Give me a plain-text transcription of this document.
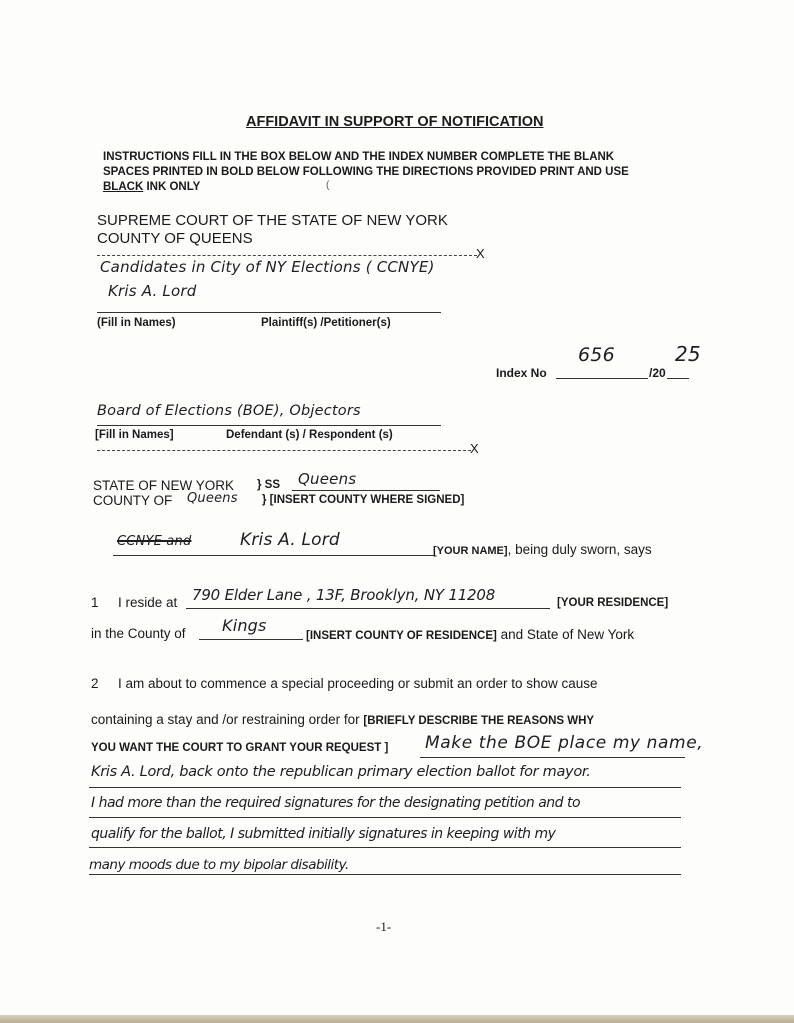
AFFIDAVIT IN SUPPORT OF NOTIFICATION
INSTRUCTIONS FILL IN THE BOX BELOW AND THE INDEX NUMBER COMPLETE THE BLANK
SPACES PRINTED IN BOLD BELOW FOLLOWING THE DIRECTIONS PROVIDED PRINT AND USE
BLACK INK ONLY	(
SUPREME COURT OF THE STATE OF NEW YORK
COUNTY OF QUEENS
X
Candidates in City of NY Elections ( CCNYE)
Kris A. Lord
(Fill in Names)	Plaintiff(s) /Petitioner(s)
Index No
656
/20
25
Board of Elections (BOE), Objectors
[Fill in Names]	Defendant (s) / Respondent (s)
X
STATE OF NEW YORK } SS Queens
COUNTY OF Queens } [INSERT COUNTY WHERE SIGNED]
CCNYE and	Kris A. Lord
[YOUR NAME], being duly sworn, says
1 I reside at 790 Elder Lane , 13F, Brooklyn, NY 11208	[YOUR RESIDENCE]
in the County of Kings
[INSERT COUNTY OF RESIDENCE] and State of New York
2 I am about to commence a special proceeding or submit an order to show cause
containing a stay and /or restraining order for [BRIEFLY DESCRIBE THE REASONS WHY
YOU WANT THE COURT TO GRANT YOUR REQUEST ] Make the BOE place my name,
Kris A. Lord, back onto the republican primary election ballot for mayor.
I had more than the required signatures for the designating petition and to
qualify for the ballot, I submitted initially signatures in keeping with my
many moods due to my bipolar disability.
-1-
